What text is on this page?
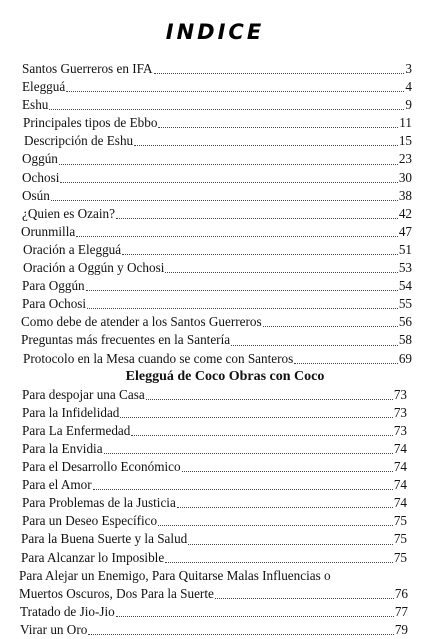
INDICE
Santos Guerreros en IFA	3
Elegguá	4
Eshu	9
Principales tipos de Ebbo	11
Descripción de Eshu	15
Oggún	23
Ochosi	30
Osún	38
¿Quien es Ozain?	42
Orunmilla	47
Oración a Elegguá	51
Oración a Oggún y Ochosi	53
Para Oggún	54
Para Ochosi	55
Como debe de atender a los Santos Guerreros	56
Preguntas más frecuentes en la Santería	58
Protocolo en la Mesa cuando se come con Santeros	69
Elegguá de Coco Obras con Coco
Para despojar una Casa	73
Para la Infidelidad	73
Para La Enfermedad	73
Para la Envidia	74
Para el Desarrollo Económico	74
Para el Amor	74
Para Problemas de la Justicia	74
Para un Deseo Específico	75
Para la Buena Suerte y la Salud	75
Para Alcanzar lo Imposible	75
Para Alejar un Enemigo, Para Quitarse Malas Influencias o
Muertos Oscuros, Dos Para la Suerte	76
Tratado de Jio-Jio	77
Virar un Oro	79
